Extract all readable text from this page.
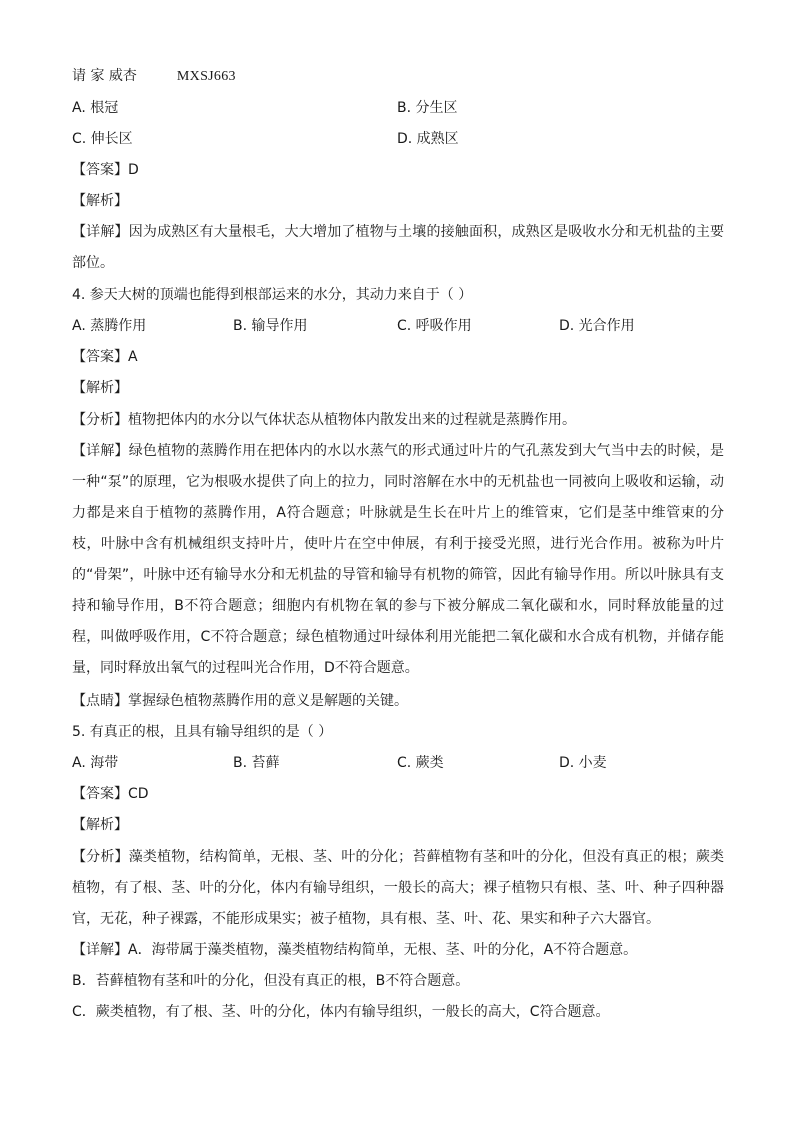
请 家 威杏	MXSJ663
A. 根冠	B. 分生区
C. 伸长区	D. 成熟区
【答案】D
【解析】
【详解】因为成熟区有大量根毛，大大增加了植物与土壤的接触面积，成熟区是吸收水分和无机盐的主要部位。
4. 参天大树的顶端也能得到根部运来的水分，其动力来自于（ ）
A. 蒸腾作用	B. 输导作用	C. 呼吸作用	D. 光合作用
【答案】A
【解析】
【分析】植物把体内的水分以气体状态从植物体内散发出来的过程就是蒸腾作用。
【详解】绿色植物的蒸腾作用在把体内的水以水蒸气的形式通过叶片的气孔蒸发到大气当中去的时候，是一种“泵”的原理，它为根吸水提供了向上的拉力，同时溶解在水中的无机盐也一同被向上吸收和运输，动力都是来自于植物的蒸腾作用，A符合题意；叶脉就是生长在叶片上的维管束，它们是茎中维管束的分枝，叶脉中含有机械组织支持叶片，使叶片在空中伸展，有利于接受光照，进行光合作用。被称为叶片的“骨架”，叶脉中还有输导水分和无机盐的导管和输导有机物的筛管，因此有输导作用。所以叶脉具有支持和输导作用，B不符合题意；细胞内有机物在氧的参与下被分解成二氧化碳和水，同时释放能量的过程，叫做呼吸作用，C不符合题意；绿色植物通过叶绿体利用光能把二氧化碳和水合成有机物，并储存能量，同时释放出氧气的过程叫光合作用，D不符合题意。
【点睛】掌握绿色植物蒸腾作用的意义是解题的关键。
5. 有真正的根，且具有输导组织的是（ ）
A. 海带	B. 苔藓	C. 蕨类	D. 小麦
【答案】CD
【解析】
【分析】藻类植物，结构简单，无根、茎、叶的分化；苔藓植物有茎和叶的分化，但没有真正的根；蕨类植物，有了根、茎、叶的分化，体内有输导组织，一般长的高大；裸子植物只有根、茎、叶、种子四种器官，无花，种子裸露，不能形成果实；被子植物，具有根、茎、叶、花、果实和种子六大器官。
【详解】A．海带属于藻类植物，藻类植物结构简单，无根、茎、叶的分化，A不符合题意。
B．苔藓植物有茎和叶的分化，但没有真正的根，B不符合题意。
C．蕨类植物，有了根、茎、叶的分化，体内有输导组织，一般长的高大，C符合题意。
